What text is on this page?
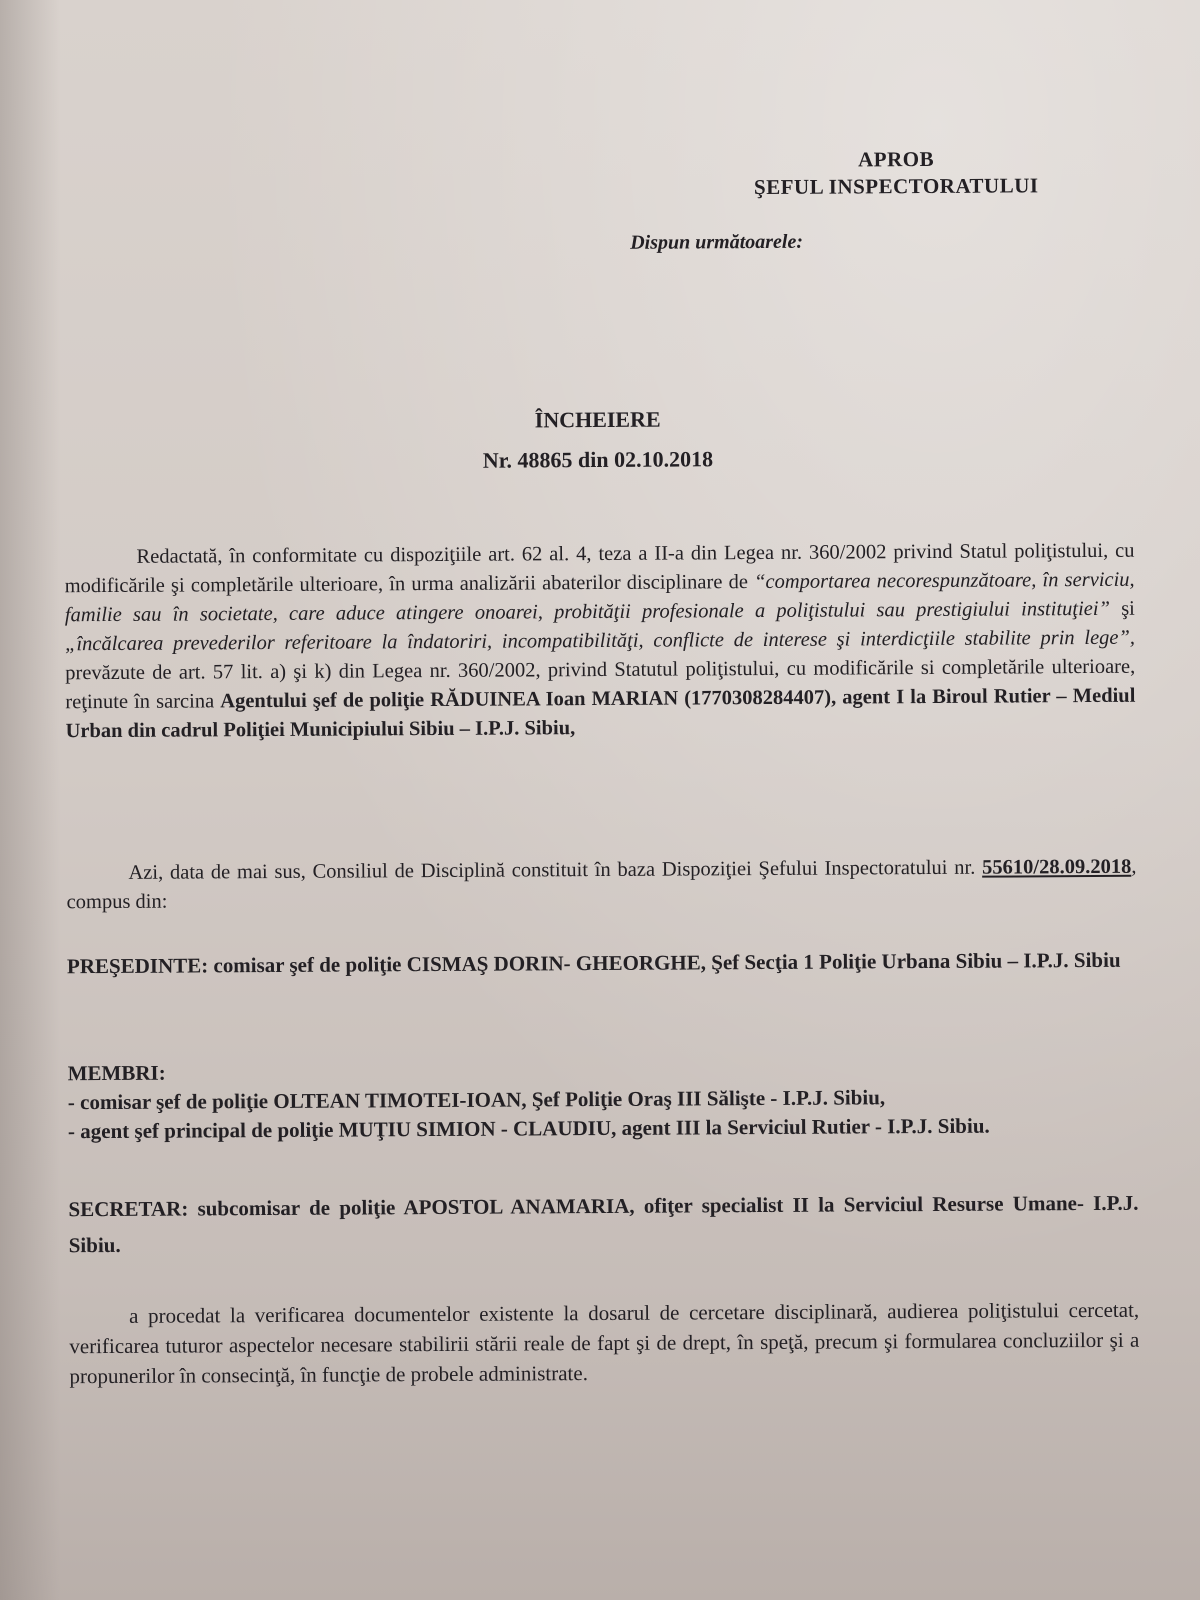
APROB
ŞEFUL INSPECTORATULUI
Dispun următoarele:
ÎNCHEIERE
Nr. 48865 din 02.10.2018
Redactată, în conformitate cu dispoziţiile art. 62 al. 4, teza a II-a din Legea nr. 360/2002 privind Statul poliţistului, cu modificările şi completările ulterioare, în urma analizării abaterilor disciplinare de “comportarea necorespunzătoare, în serviciu, familie sau în societate, care aduce atingere onoarei, probităţii profesionale a poliţistului sau prestigiului instituţiei” şi „încălcarea prevederilor referitoare la îndatoriri, incompatibilităţi, conflicte de interese şi interdicţiile stabilite prin lege”, prevăzute de art. 57 lit. a) şi k) din Legea nr. 360/2002, privind Statutul poliţistului, cu modificările si completările ulterioare, reţinute în sarcina Agentului şef de poliţie RĂDUINEA Ioan MARIAN (1770308284407), agent I la Biroul Rutier – Mediul Urban din cadrul Poliţiei Municipiului Sibiu – I.P.J. Sibiu,
Azi, data de mai sus, Consiliul de Disciplină constituit în baza Dispoziţiei Şefului Inspectoratului nr. 55610/28.09.2018, compus din:
PREŞEDINTE: comisar şef de poliţie CISMAŞ DORIN- GHEORGHE, Şef Secţia 1 Poliţie Urbana Sibiu – I.P.J. Sibiu
MEMBRI:
- comisar şef de poliţie OLTEAN TIMOTEI-IOAN, Şef Poliţie Oraş III Sălişte - I.P.J. Sibiu,
- agent şef principal de poliţie MUŢIU SIMION - CLAUDIU, agent III la Serviciul Rutier - I.P.J. Sibiu.
SECRETAR: subcomisar de poliţie APOSTOL ANAMARIA, ofiţer specialist II la Serviciul Resurse Umane- I.P.J. Sibiu.
a procedat la verificarea documentelor existente la dosarul de cercetare disciplinară, audierea poliţistului cercetat, verificarea tuturor aspectelor necesare stabilirii stării reale de fapt şi de drept, în speţă, precum şi formularea concluziilor şi a propunerilor în consecinţă, în funcţie de probele administrate.
